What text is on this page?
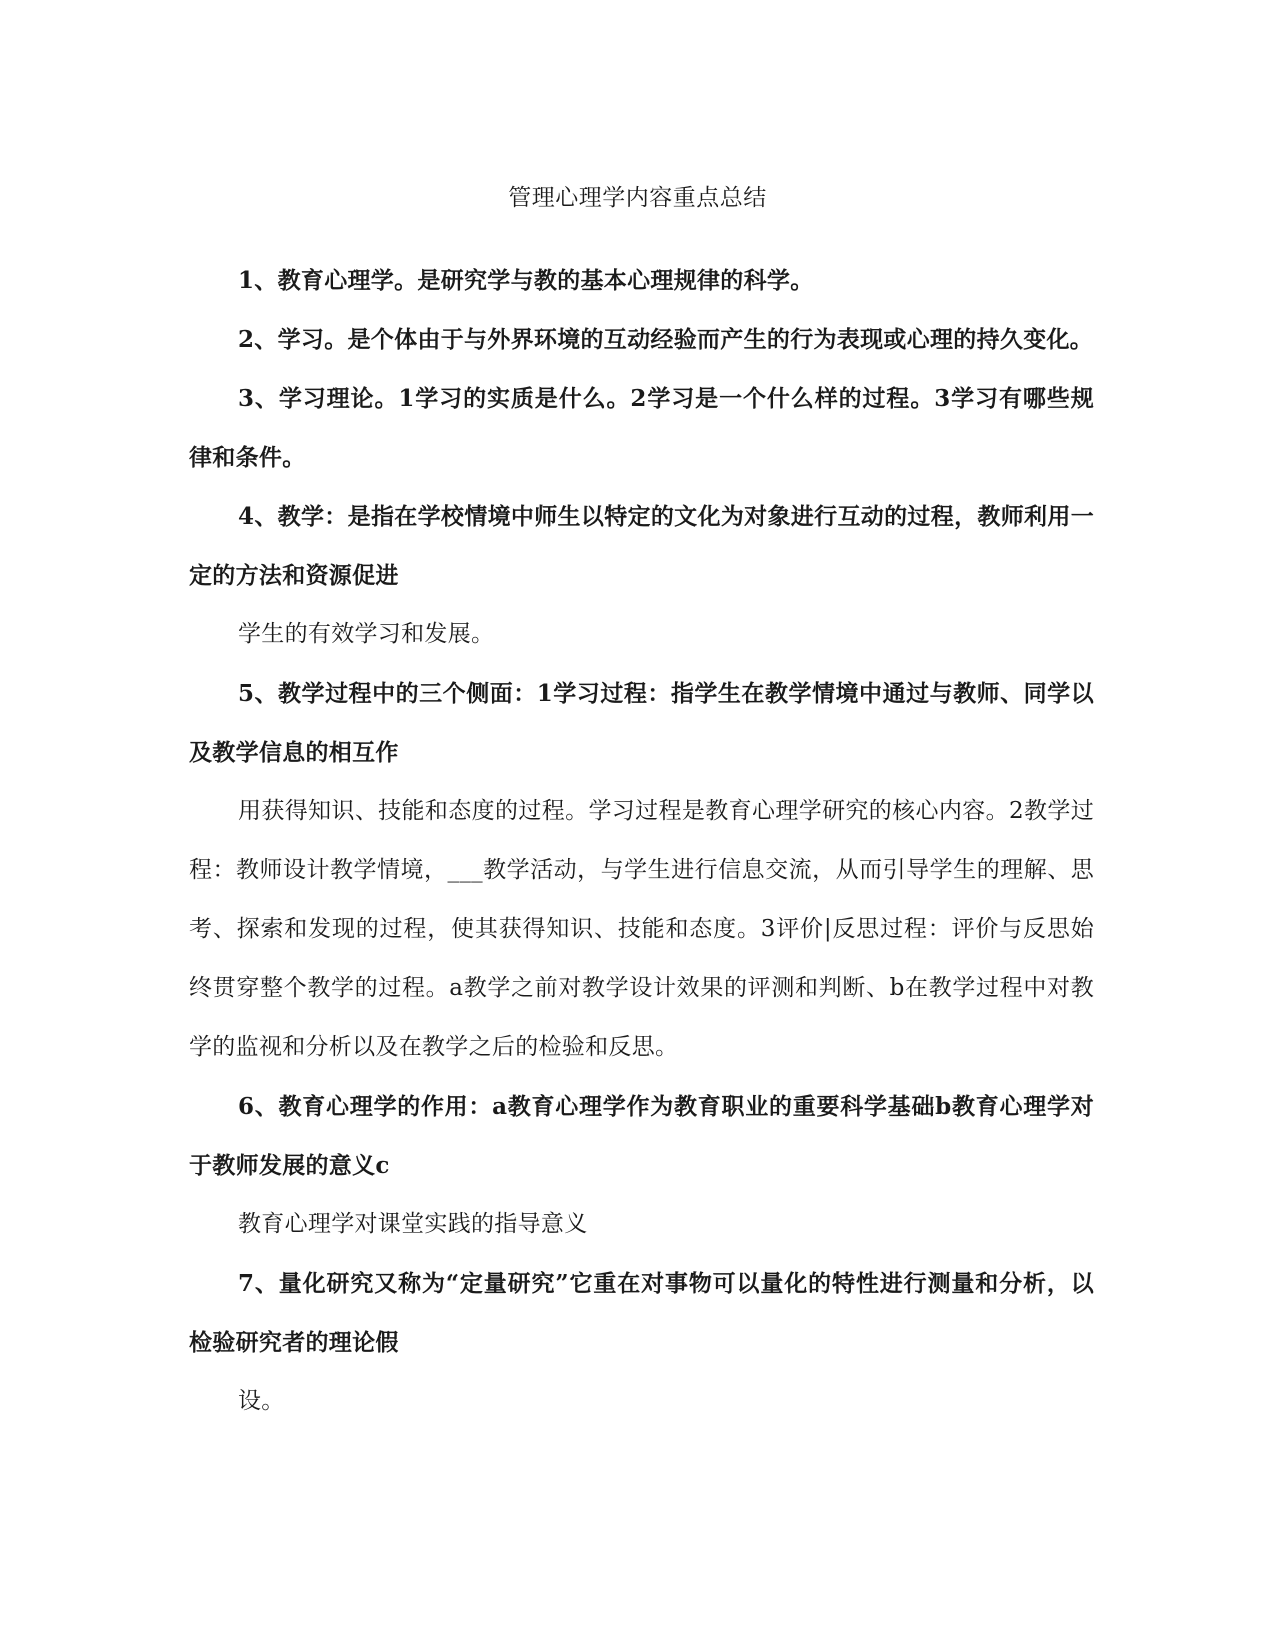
管理心理学内容重点总结

1、教育心理学。是研究学与教的基本心理规律的科学。

2、学习。是个体由于与外界环境的互动经验而产生的行为表现或心理的持久变化。

3、学习理论。1学习的实质是什么。2学习是一个什么样的过程。3学习有哪些规律和条件。

4、教学：是指在学校情境中师生以特定的文化为对象进行互动的过程，教师利用一定的方法和资源促进

学生的有效学习和发展。

5、教学过程中的三个侧面：1学习过程：指学生在教学情境中通过与教师、同学以及教学信息的相互作

用获得知识、技能和态度的过程。学习过程是教育心理学研究的核心内容。2教学过程：教师设计教学情境，___教学活动，与学生进行信息交流，从而引导学生的理解、思考、探索和发现的过程，使其获得知识、技能和态度。3评价|反思过程：评价与反思始终贯穿整个教学的过程。a教学之前对教学设计效果的评测和判断、b在教学过程中对教学的监视和分析以及在教学之后的检验和反思。

6、教育心理学的作用：a教育心理学作为教育职业的重要科学基础b教育心理学对于教师发展的意义c

教育心理学对课堂实践的指导意义

7、量化研究又称为“定量研究”它重在对事物可以量化的特性进行测量和分析，以检验研究者的理论假

设。
